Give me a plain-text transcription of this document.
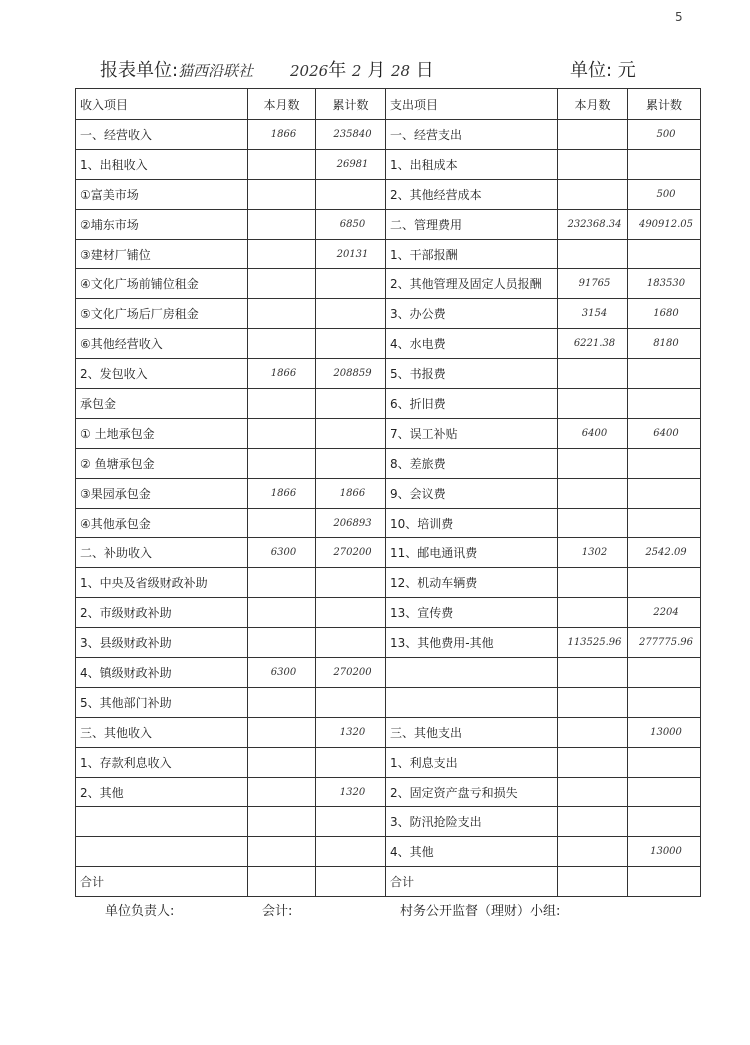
5
报表单位:猫西沿联社 2026年 2 月 28 日	单位: 元
收入项目	本月数	累计数	支出项目	本月数	累计数
一、经营收入	1866	235840	一、经营支出		500
1、出租收入		26981	1、出租成本		
①富美市场			2、其他经营成本		500
②埔东市场		6850	二、管理费用	232368.34	490912.05
③建材厂铺位		20131	1、干部报酬		
④文化广场前铺位租金			2、其他管理及固定人员报酬	91765	183530
⑤文化广场后厂房租金			3、办公费	3154	1680
⑥其他经营收入			4、水电费	6221.38	8180
2、发包收入	1866	208859	5、书报费		
承包金			6、折旧费		
① 土地承包金			7、误工补贴	6400	6400
② 鱼塘承包金			8、差旅费		
③果园承包金	1866	1866	9、会议费		
④其他承包金		206893	10、培训费		
二、补助收入	6300	270200	11、邮电通讯费	1302	2542.09
1、中央及省级财政补助			12、机动车辆费		
2、市级财政补助			13、宣传费		2204
3、县级财政补助			13、其他费用-其他	113525.96	277775.96
4、镇级财政补助	6300	270200			
5、其他部门补助					
三、其他收入		1320	三、其他支出		13000
1、存款利息收入			1、利息支出		
2、其他		1320	2、固定资产盘亏和损失		
			3、防汛抢险支出		
			4、其他		13000
合计			合计		
单位负责人:	会计:	村务公开监督（理财）小组:
